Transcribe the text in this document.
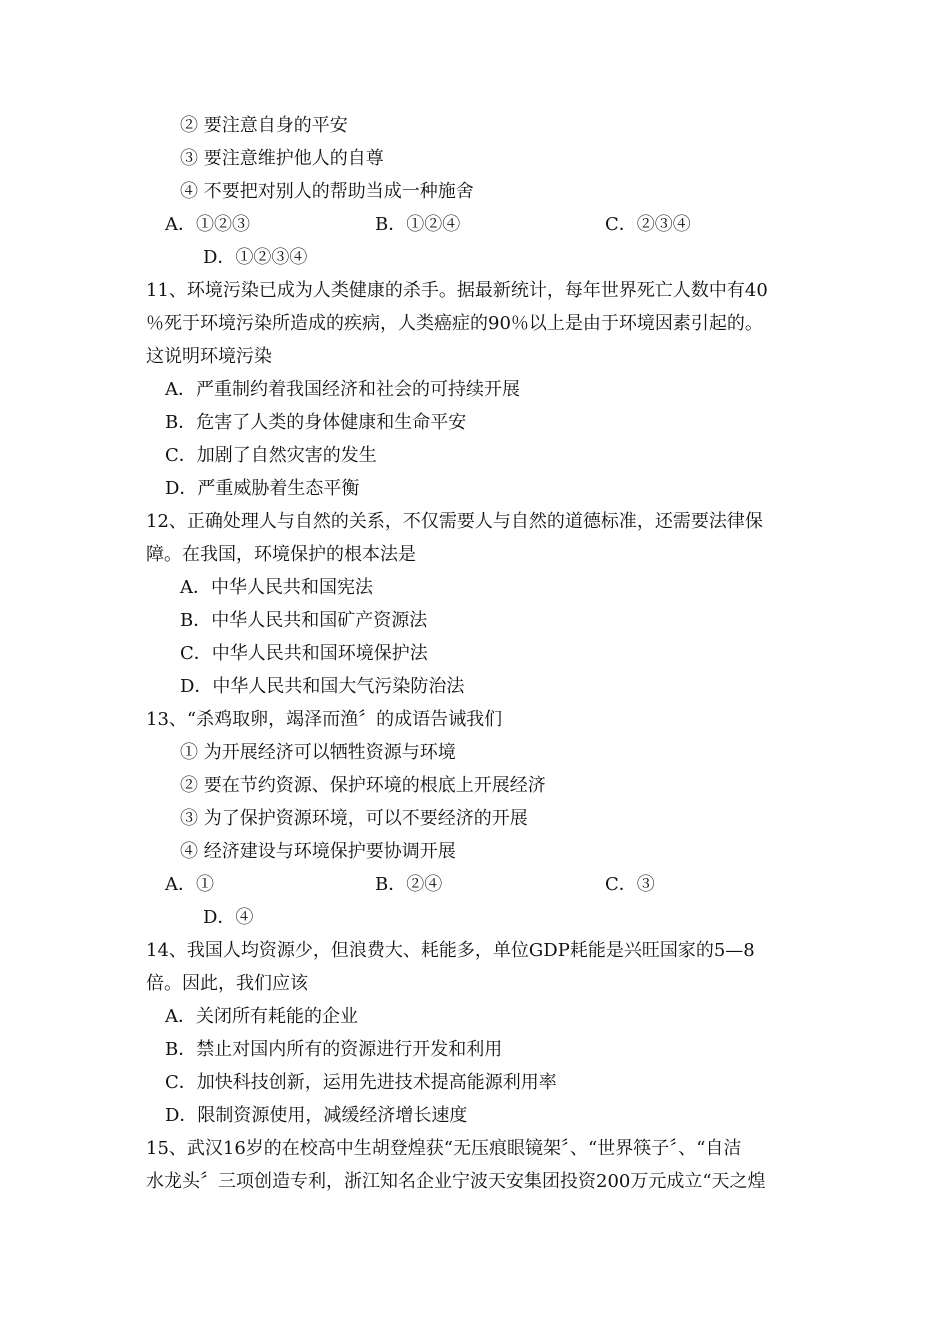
② 要注意自身的平安
③ 要注意维护他人的自尊
④ 不要把对别人的帮助当成一种施舍
A．①②③	B．①②④	C．②③④
D．①②③④
11、环境污染已成为人类健康的杀手。据最新统计，每年世界死亡人数中有40
％死于环境污染所造成的疾病，人类癌症的90％以上是由于环境因素引起的。
这说明环境污染
A．严重制约着我国经济和社会的可持续开展
B．危害了人类的身体健康和生命平安
C．加剧了自然灾害的发生
D．严重威胁着生态平衡
12、正确处理人与自然的关系，不仅需要人与自然的道德标准，还需要法律保
障。在我国，环境保护的根本法是
A．中华人民共和国宪法
B．中华人民共和国矿产资源法
C．中华人民共和国环境保护法
D．中华人民共和国大气污染防治法
13、“杀鸡取卵，竭泽而渔〞的成语告诫我们
① 为开展经济可以牺牲资源与环境
② 要在节约资源、保护环境的根底上开展经济
③ 为了保护资源环境，可以不要经济的开展
④ 经济建设与环境保护要协调开展
A．①	B．②④	C．③
D．④
14、我国人均资源少，但浪费大、耗能多，单位GDP耗能是兴旺国家的5—8
倍。因此，我们应该
A．关闭所有耗能的企业
B．禁止对国内所有的资源进行开发和利用
C．加快科技创新，运用先进技术提高能源利用率
D．限制资源使用，减缓经济增长速度
15、武汉16岁的在校高中生胡登煌获“无压痕眼镜架〞、“世界筷子〞、“自洁
水龙头〞三项创造专利，浙江知名企业宁波天安集团投资200万元成立“天之煌
